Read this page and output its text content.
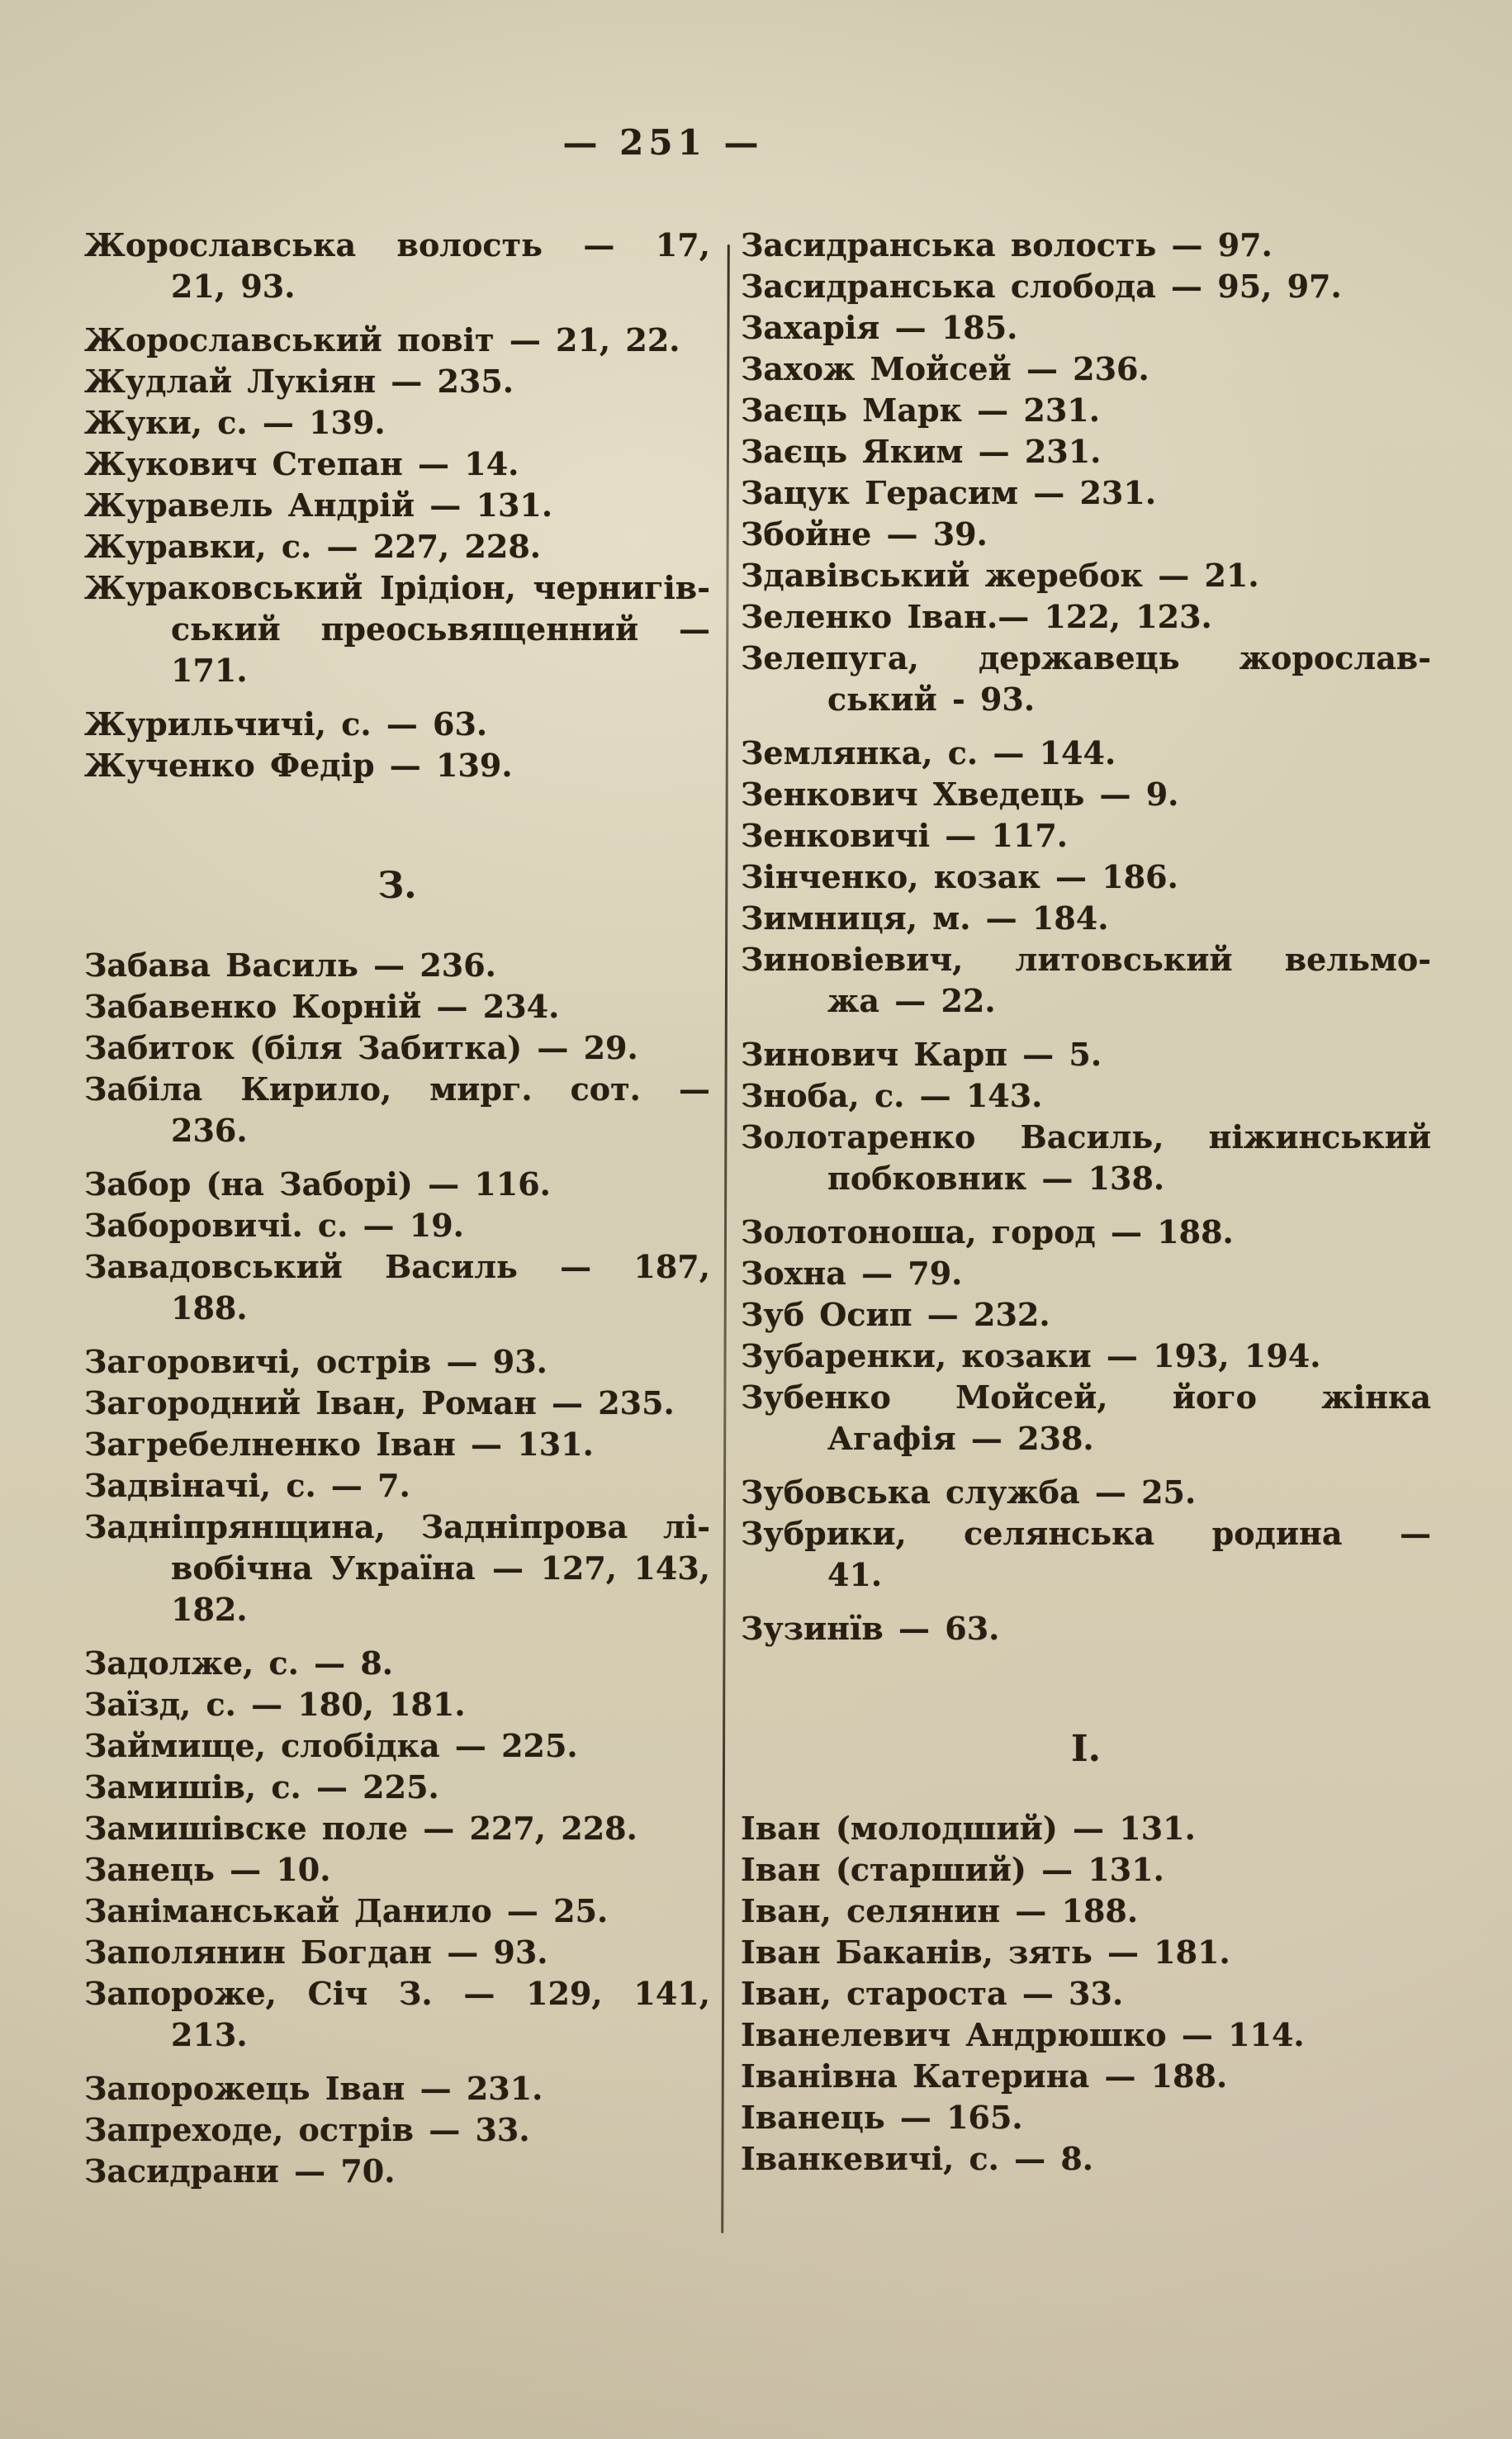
— 251 —
Жорославська волость — 17,
21, 93.
Жорославський повіт — 21, 22.
Жудлай Лукіян — 235.
Жуки, с. — 139.
Жукович Степан — 14.
Журавель Андрій — 131.
Журавки, с. — 227, 228.
Жураковський Ірідіон, чернигів-
ський преосьвященний —
171.
Журильчичі, с. — 63.
Жученко Федір — 139.
З.
Забава Василь — 236.
Забавенко Корній — 234.
Забиток (біля Забитка) — 29.
Забіла Кирило, мирг. сот. —
236.
Забор (на Заборі) — 116.
Заборовичі. с. — 19.
Завадовський Василь — 187,
188.
Загоровичі, острів — 93.
Загородний Іван, Роман — 235.
Загребелненко Іван — 131.
Задвіначі, с. — 7.
Задніпрянщина, Задніпрова лі-
вобічна Україна — 127, 143,
182.
Задолже, с. — 8.
Заїзд, с. — 180, 181.
Займище, слобідка — 225.
Замишів, с. — 225.
Замишівске поле — 227, 228.
Занець — 10.
Заніманськай Данило — 25.
Заполянин Богдан — 93.
Запороже, Січ З. — 129, 141,
213.
Запорожець Іван — 231.
Запреходе, острів — 33.
Засидрани — 70.
Засидранська волость — 97.
Засидранська слобода — 95, 97.
Захарія — 185.
Захож Мойсей — 236.
Заєць Марк — 231.
Заєць Яким — 231.
Зацук Герасим — 231.
Збойне — 39.
Здавівський жеребок — 21.
Зеленко Іван.— 122, 123.
Зелепуга, державець жорослав-
ський - 93.
Землянка, с. — 144.
Зенкович Хведець — 9.
Зенковичі — 117.
Зінченко, козак — 186.
Зимниця, м. — 184.
Зиновіевич, литовський вельмо-
жа — 22.
Зинович Карп — 5.
Зноба, с. — 143.
Золотаренко Василь, ніжинський
побковник — 138.
Золотоноша, город — 188.
Зохна — 79.
Зуб Осип — 232.
Зубаренки, козаки — 193, 194.
Зубенко Мойсей, його жінка
Агафія — 238.
Зубовська служба — 25.
Зубрики, селянська родина —
41.
Зузинїв — 63.
І.
Іван (молодший) — 131.
Іван (старший) — 131.
Іван, селянин — 188.
Іван Баканів, зять — 181.
Іван, староста — 33.
Іванелевич Андрюшко — 114.
Іванівна Катерина — 188.
Іванець — 165.
Іванкевичі, с. — 8.
